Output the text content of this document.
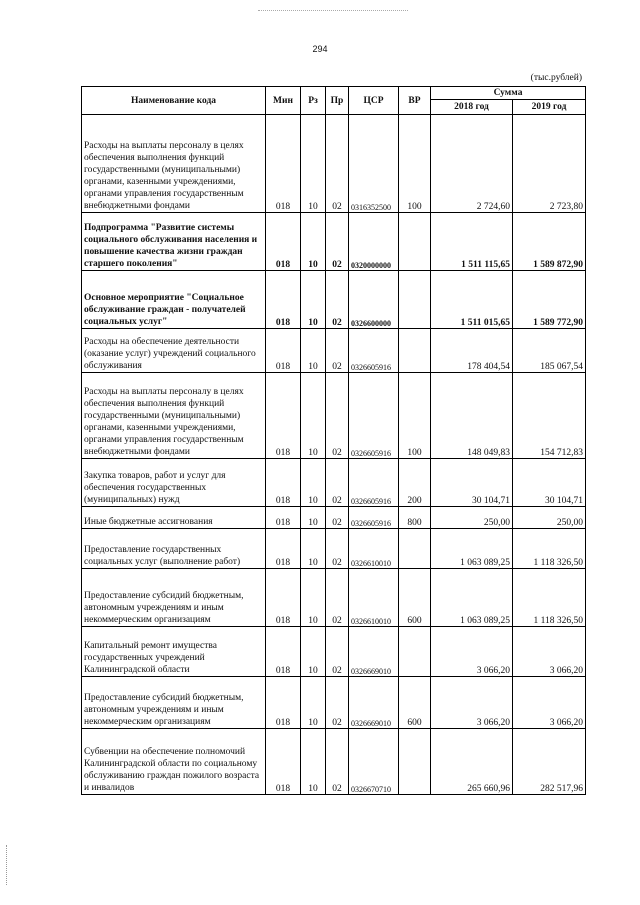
294
(тыс.рублей)
Наименование кода	Мин	Рз	Пр	ЦСР	ВР	Сумма	
						2018 год	2019 год
Расходы на выплаты персоналу в целях обеспечения выполнения функций государственными (муниципальными) органами, казенными учреждениями, органами управления государственным внебюджетными фондами	018	10	02	0316352500	100	2 724,60	2 723,80
Подпрограмма "Развитие системы социального обслуживания населения и повышение качества жизни граждан старшего поколения"	018	10	02	0320000000		1 511 115,65	1 589 872,90
Основное мероприятие "Социальное обслуживание граждан - получателей социальных услуг"	018	10	02	0326600000		1 511 015,65	1 589 772,90
Расходы на обеспечение деятельности (оказание услуг) учреждений социального обслуживания	018	10	02	0326605916		178 404,54	185 067,54
Расходы на выплаты персоналу в целях обеспечения выполнения функций государственными (муниципальными) органами, казенными учреждениями, органами управления государственным внебюджетными фондами	018	10	02	0326605916	100	148 049,83	154 712,83
Закупка товаров, работ и услуг для обеспечения государственных (муниципальных) нужд	018	10	02	0326605916	200	30 104,71	30 104,71
Иные бюджетные ассигнования	018	10	02	0326605916	800	250,00	250,00
Предоставление государственных социальных услуг (выполнение работ)	018	10	02	0326610010		1 063 089,25	1 118 326,50
Предоставление субсидий бюджетным, автономным учреждениям и иным некоммерческим организациям	018	10	02	0326610010	600	1 063 089,25	1 118 326,50
Капитальный ремонт имущества государственных учреждений Калининградской области	018	10	02	0326669010		3 066,20	3 066,20
Предоставление субсидий бюджетным, автономным учреждениям и иным некоммерческим организациям	018	10	02	0326669010	600	3 066,20	3 066,20
Субвенции на обеспечение полномочий Калининградской области по социальному обслуживанию граждан пожилого возраста и инвалидов	018	10	02	0326670710		265 660,96	282 517,96
